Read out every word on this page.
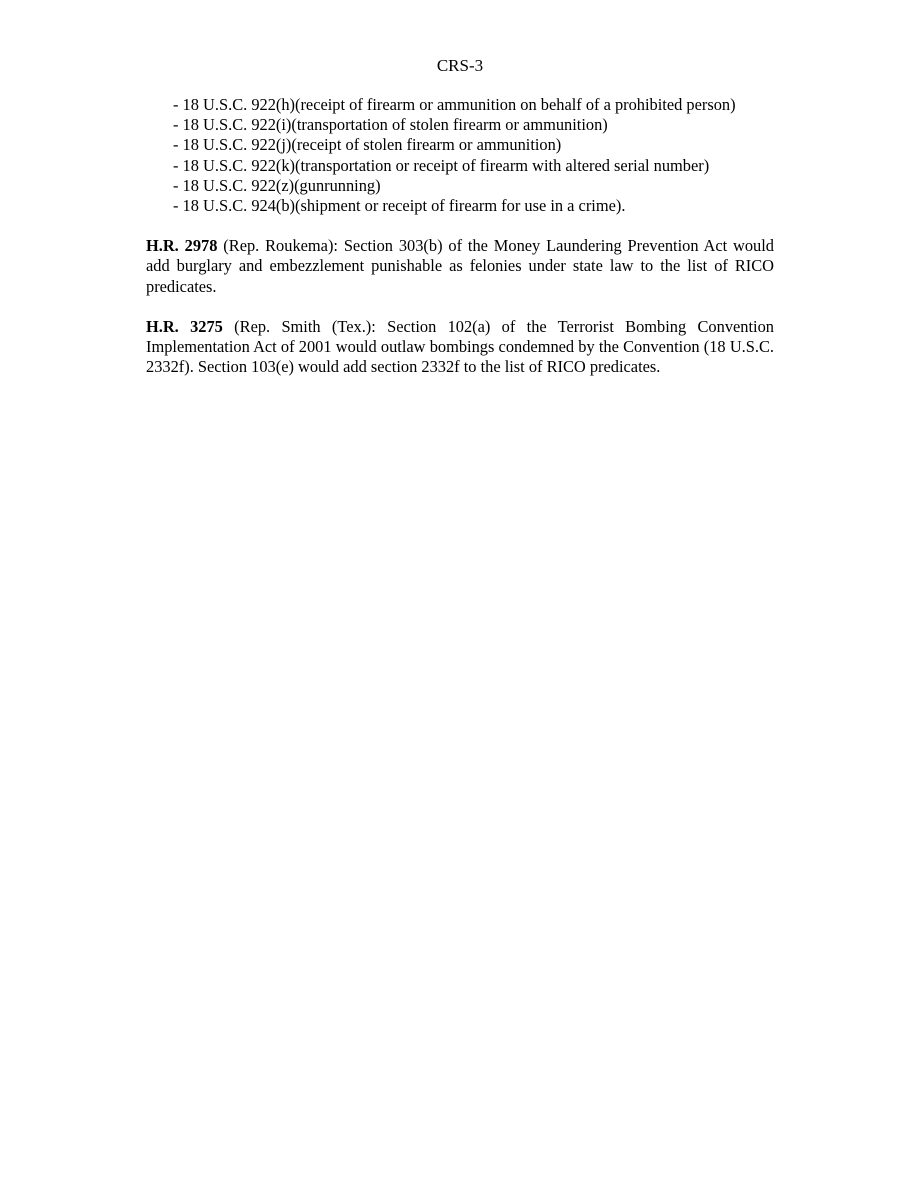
CRS-3
- 18 U.S.C. 922(h)(receipt of firearm or ammunition on behalf of a prohibited person)
- 18 U.S.C. 922(i)(transportation of stolen firearm or ammunition)
- 18 U.S.C. 922(j)(receipt of stolen firearm or ammunition)
- 18 U.S.C. 922(k)(transportation or receipt of firearm with altered serial number)
- 18 U.S.C. 922(z)(gunrunning)
- 18 U.S.C. 924(b)(shipment or receipt of firearm for use in a crime).

H.R. 2978 (Rep. Roukema): Section 303(b) of the Money Laundering Prevention Act would add burglary and embezzlement punishable as felonies under state law to the list of RICO predicates.

H.R. 3275 (Rep. Smith (Tex.): Section 102(a) of the Terrorist Bombing Convention Implementation Act of 2001 would outlaw bombings condemned by the Convention (18 U.S.C. 2332f). Section 103(e) would add section 2332f to the list of RICO predicates.
